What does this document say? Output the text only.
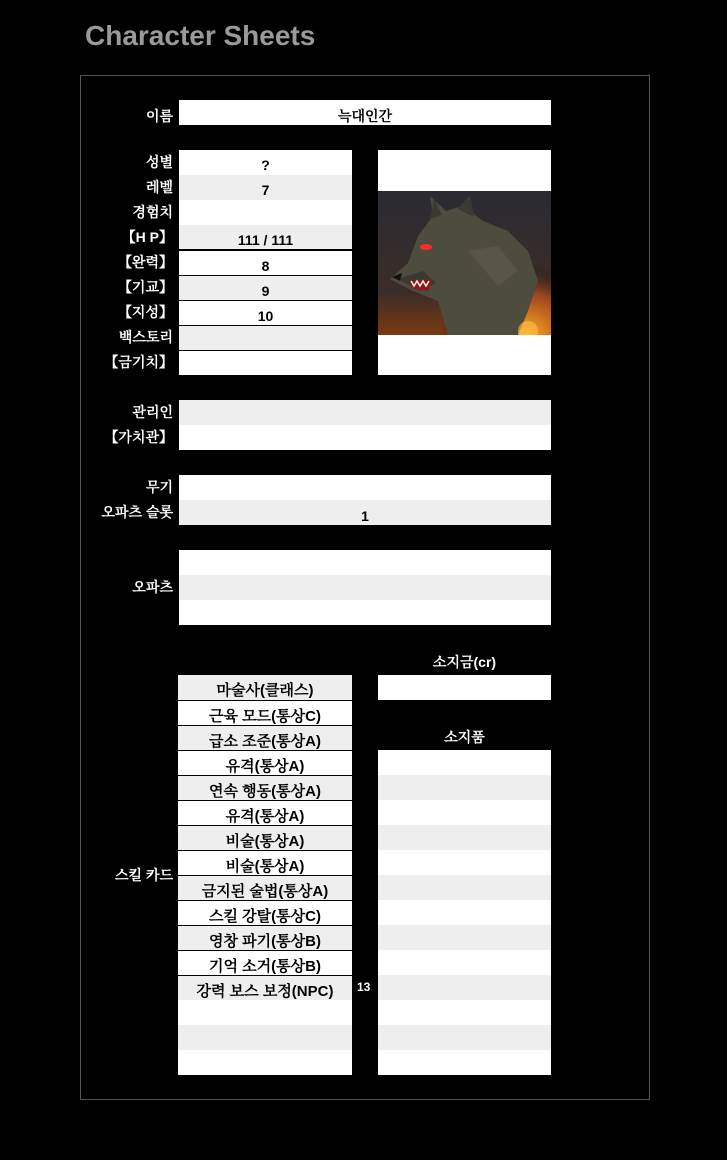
Character Sheets
이름	늑대인간
성별	?
레벨	7
경험치
【H P】	111 / 111
【완력】	8
【기교】	9
【지성】	10
백스토리
【금기치】
관리인
【가치관】
무기
오파츠 슬롯	1
오파츠
소지금(cr)
소지품
스킬 카드
마술사(클래스)
근육 모드(통상C)
급소 조준(통상A)
유격(통상A)
연속 행동(통상A)
유격(통상A)
비술(통상A)
비술(통상A)
금지된 술법(통상A)
스킬 강탈(통상C)
영창 파기(통상B)
기억 소거(통상B)
강력 보스 보정(NPC)	13
